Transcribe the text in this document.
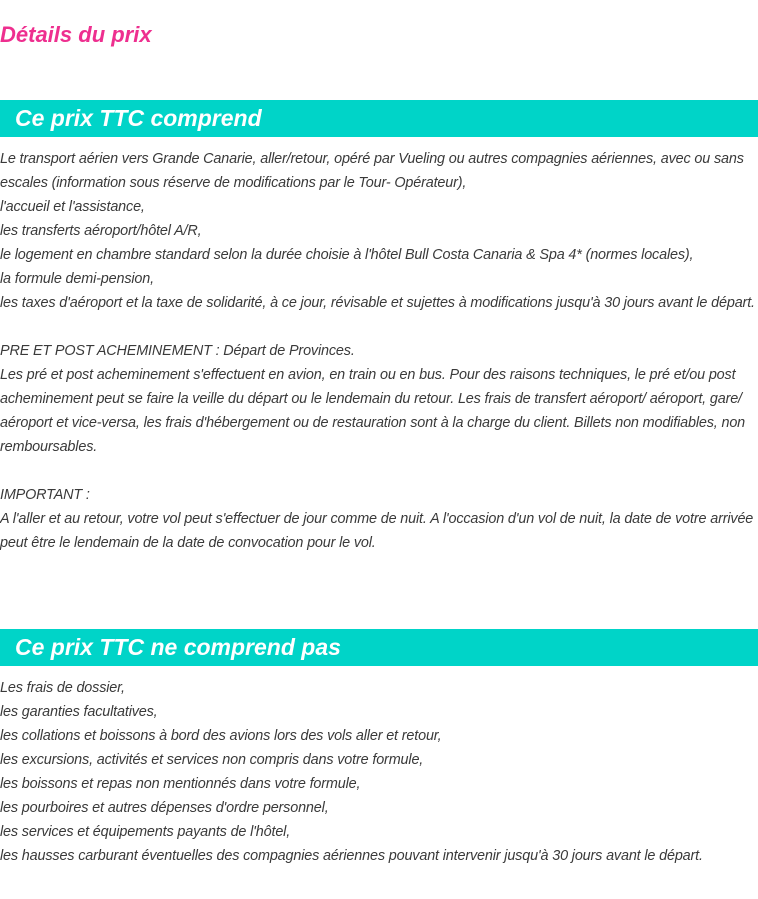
Détails du prix
Ce prix TTC comprend

Le transport aérien vers Grande Canarie, aller/retour, opéré par Vueling ou autres compagnies aériennes, avec ou sans escales (information sous réserve de modifications par le Tour- Opérateur),

l'accueil et l'assistance,

les transferts aéroport/hôtel A/R,

le logement en chambre standard selon la durée choisie à l'hôtel Bull Costa Canaria & Spa 4* (normes locales),

la formule demi-pension,

les taxes d'aéroport et la taxe de solidarité, à ce jour, révisable et sujettes à modifications jusqu'à 30 jours avant le départ.

PRE ET POST ACHEMINEMENT : Départ de Provinces.

Les pré et post acheminement s'effectuent en avion, en train ou en bus. Pour des raisons techniques, le pré et/ou post acheminement peut se faire la veille du départ ou le lendemain du retour. Les frais de transfert aéroport/ aéroport, gare/ aéroport et vice-versa, les frais d'hébergement ou de restauration sont à la charge du client. Billets non modifiables, non remboursables.

IMPORTANT :

A l'aller et au retour, votre vol peut s'effectuer de jour comme de nuit. A l'occasion d'un vol de nuit, la date de votre arrivée peut être le lendemain de la date de convocation pour le vol.

Ce prix TTC ne comprend pas

Les frais de dossier,

les garanties facultatives,

les collations et boissons à bord des avions lors des vols aller et retour,

les excursions, activités et services non compris dans votre formule,

les boissons et repas non mentionnés dans votre formule,

les pourboires et autres dépenses d'ordre personnel,

les services et équipements payants de l'hôtel,

les hausses carburant éventuelles des compagnies aériennes pouvant intervenir jusqu'à 30 jours avant le départ.
